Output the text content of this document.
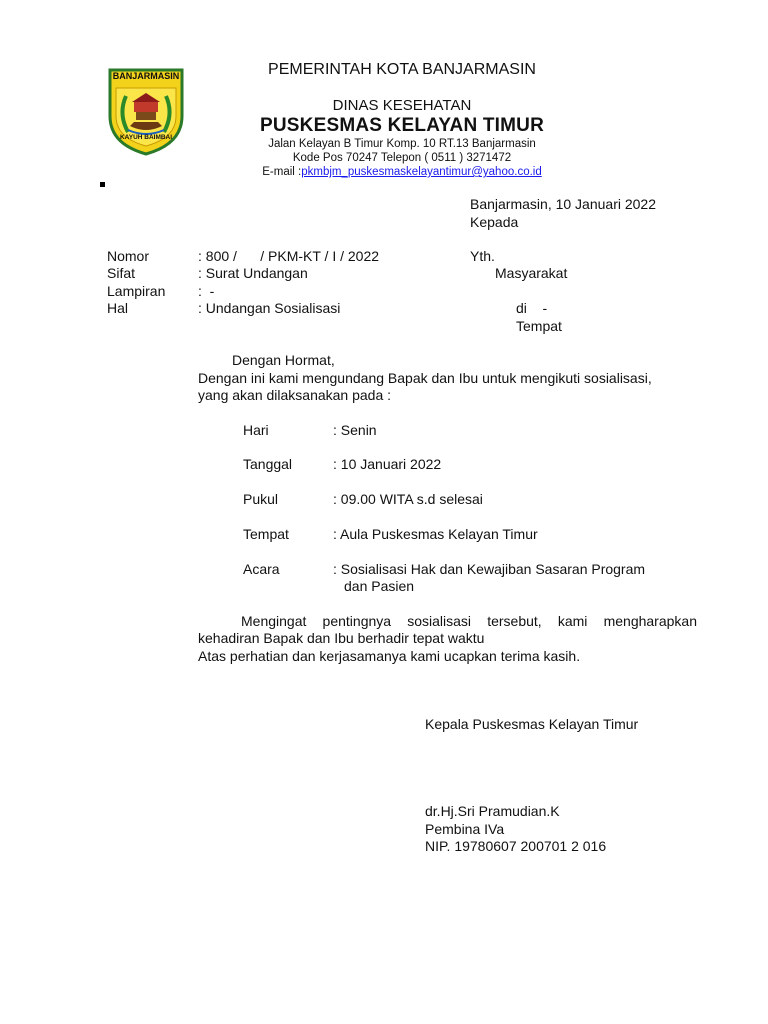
BANJARMASIN
KAYUH BAIMBAI
PEMERINTAH KOTA BANJARMASIN
DINAS KESEHATAN
PUSKESMAS KELAYAN TIMUR
Jalan Kelayan B Timur Komp. 10 RT.13 Banjarmasin
Kode Pos 70247 Telepon ( 0511 ) 3271472
E-mail :pkmbjm_puskesmaskelayantimur@yahoo.co.id
Banjarmasin, 10 Januari 2022
Kepada
Yth.
Masyarakat
di    -
Tempat
Nomor	: 800 /      / PKM-KT / I / 2022
Sifat	: Surat Undangan
Lampiran :  -
Hal	: Undangan Sosialisasi
Dengan Hormat,
Dengan ini kami mengundang Bapak dan Ibu untuk mengikuti sosialisasi,
yang akan dilaksanakan pada :
Hari	: Senin
Tanggal	: 10 Januari 2022
Pukul	: 09.00 WITA s.d selesai
Tempat	: Aula Puskesmas Kelayan Timur
Acara	: Sosialisasi Hak dan Kewajiban Sasaran Program
dan Pasien
Mengingat pentingnya sosialisasi tersebut, kami mengharapkan
kehadiran Bapak dan Ibu berhadir tepat waktu
Atas perhatian dan kerjasamanya kami ucapkan terima kasih.
Kepala Puskesmas Kelayan Timur
dr.Hj.Sri Pramudian.K
Pembina IVa
NIP. 19780607 200701 2 016
